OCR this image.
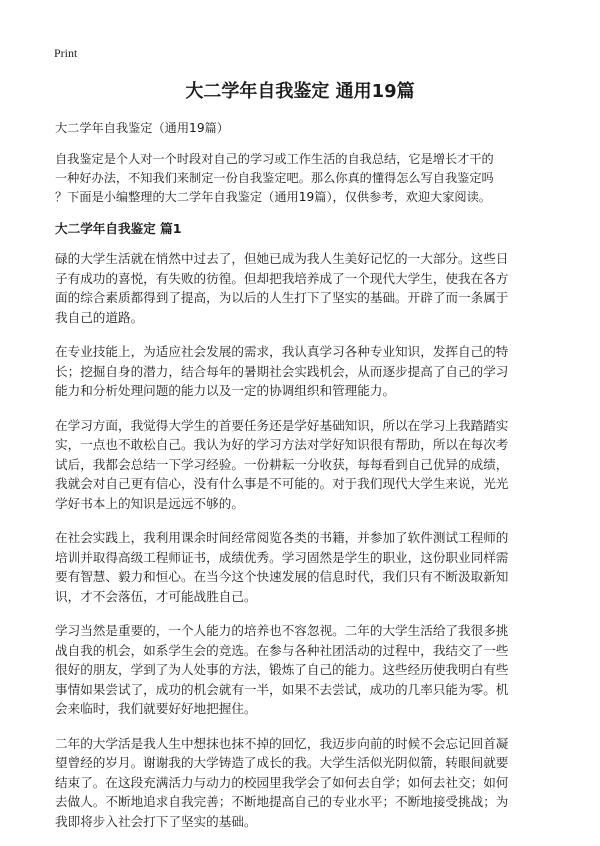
Print
大二学年自我鉴定 通用19篇

大二学年自我鉴定（通用19篇）

自我鉴定是个人对一个时段对自己的学习或工作生活的自我总结，它是增长才干的
一种好办法，不知我们来制定一份自我鉴定吧。那么你真的懂得怎么写自我鉴定吗
？下面是小编整理的大二学年自我鉴定（通用19篇），仅供参考，欢迎大家阅读。

大二学年自我鉴定 篇1

碌的大学生活就在悄然中过去了，但她已成为我人生美好记忆的一大部分。这些日
子有成功的喜悦，有失败的彷徨。但却把我培养成了一个现代大学生，使我在各方
面的综合素质都得到了提高，为以后的人生打下了坚实的基础。开辟了而一条属于
我自己的道路。

在专业技能上，为适应社会发展的需求，我认真学习各种专业知识，发挥自己的特
长；挖掘自身的潜力，结合每年的暑期社会实践机会，从而逐步提高了自己的学习
能力和分析处理问题的能力以及一定的协调组织和管理能力。

在学习方面，我觉得大学生的首要任务还是学好基础知识，所以在学习上我踏踏实
实，一点也不敢松自己。我认为好的学习方法对学好知识很有帮助，所以在每次考
试后，我都会总结一下学习经验。一份耕耘一分收获，每每看到自己优异的成绩，
我就会对自己更有信心，没有什么事是不可能的。对于我们现代大学生来说，光光
学好书本上的知识是远远不够的。

在社会实践上，我利用课余时间经常阅览各类的书籍，并参加了软件测试工程师的
培训并取得高级工程师证书，成绩优秀。学习固然是学生的职业，这份职业同样需
要有智慧、毅力和恒心。在当今这个快速发展的信息时代，我们只有不断汲取新知
识，才不会落伍，才可能战胜自己。

学习当然是重要的，一个人能力的培养也不容忽视。二年的大学生活给了我很多挑
战自我的机会，如系学生会的竞选。在参与各种社团活动的过程中，我结交了一些
很好的朋友，学到了为人处事的方法，锻炼了自己的能力。这些经历使我明白有些
事情如果尝试了，成功的机会就有一半，如果不去尝试，成功的几率只能为零。机
会来临时，我们就要好好地把握住。

二年的大学活是我人生中想抹也抹不掉的回忆，我迈步向前的时候不会忘记回首凝
望曾经的岁月。谢谢我的大学铸造了成长的我。大学生活似光阴似箭，转眼间就要
结束了。在这段充满活力与动力的校园里我学会了如何去自学；如何去社交；如何
去做人。不断地追求自我完善；不断地提高自己的专业水平；不断地接受挑战；为
我即将步入社会打下了坚实的基础。
